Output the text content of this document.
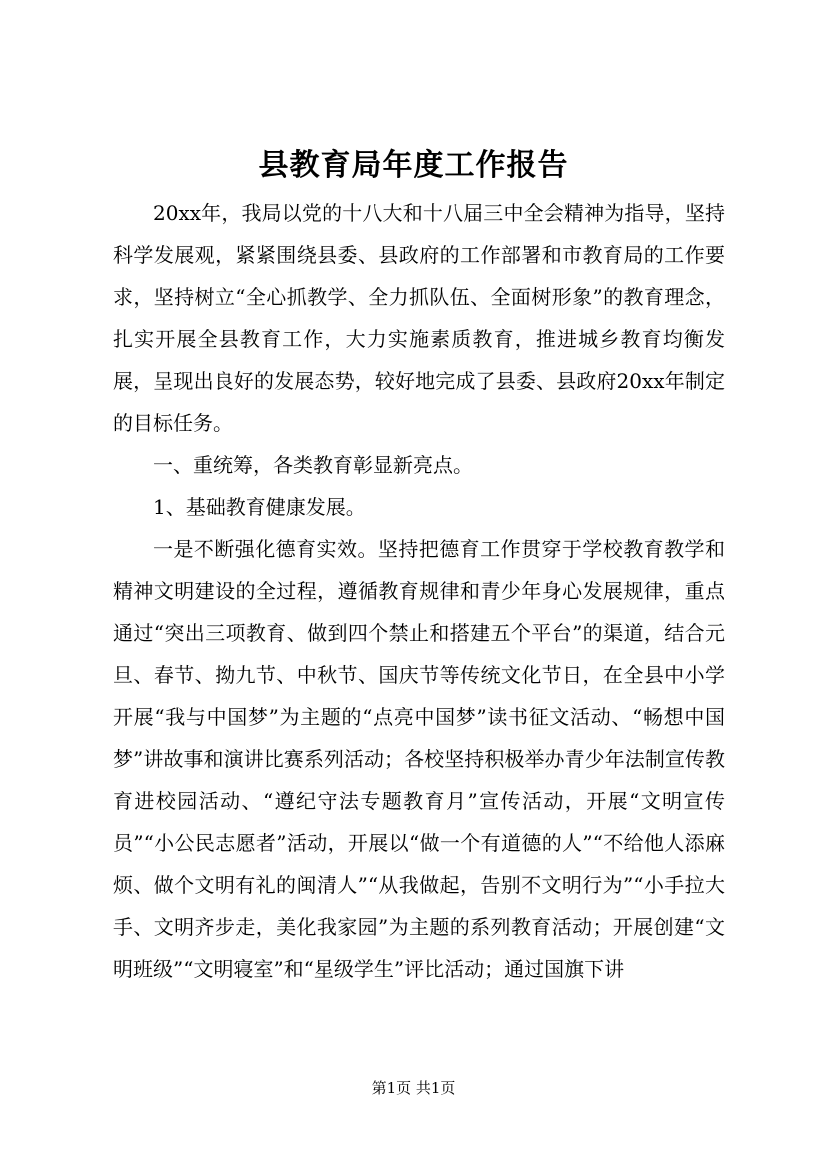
县教育局年度工作报告

20xx年，我局以党的十八大和十八届三中全会精神为指导，坚持科学发展观，紧紧围绕县委、县政府的工作部署和市教育局的工作要求，坚持树立“全心抓教学、全力抓队伍、全面树形象”的教育理念，扎实开展全县教育工作，大力实施素质教育，推进城乡教育均衡发展，呈现出良好的发展态势，较好地完成了县委、县政府20xx年制定的目标任务。

一、重统筹，各类教育彰显新亮点。

1、基础教育健康发展。

一是不断强化德育实效。坚持把德育工作贯穿于学校教育教学和精神文明建设的全过程，遵循教育规律和青少年身心发展规律，重点通过“突出三项教育、做到四个禁止和搭建五个平台”的渠道，结合元旦、春节、拗九节、中秋节、国庆节等传统文化节日，在全县中小学开展“我与中国梦”为主题的“点亮中国梦”读书征文活动、“畅想中国梦”讲故事和演讲比赛系列活动；各校坚持积极举办青少年法制宣传教育进校园活动、“遵纪守法专题教育月”宣传活动，开展“文明宣传员”“小公民志愿者”活动，开展以“做一个有道德的人”“不给他人添麻烦、做个文明有礼的闽清人”“从我做起，告别不文明行为”“小手拉大手、文明齐步走，美化我家园”为主题的系列教育活动；开展创建“文明班级”“文明寝室”和“星级学生”评比活动；通过国旗下讲

第1页 共1页
